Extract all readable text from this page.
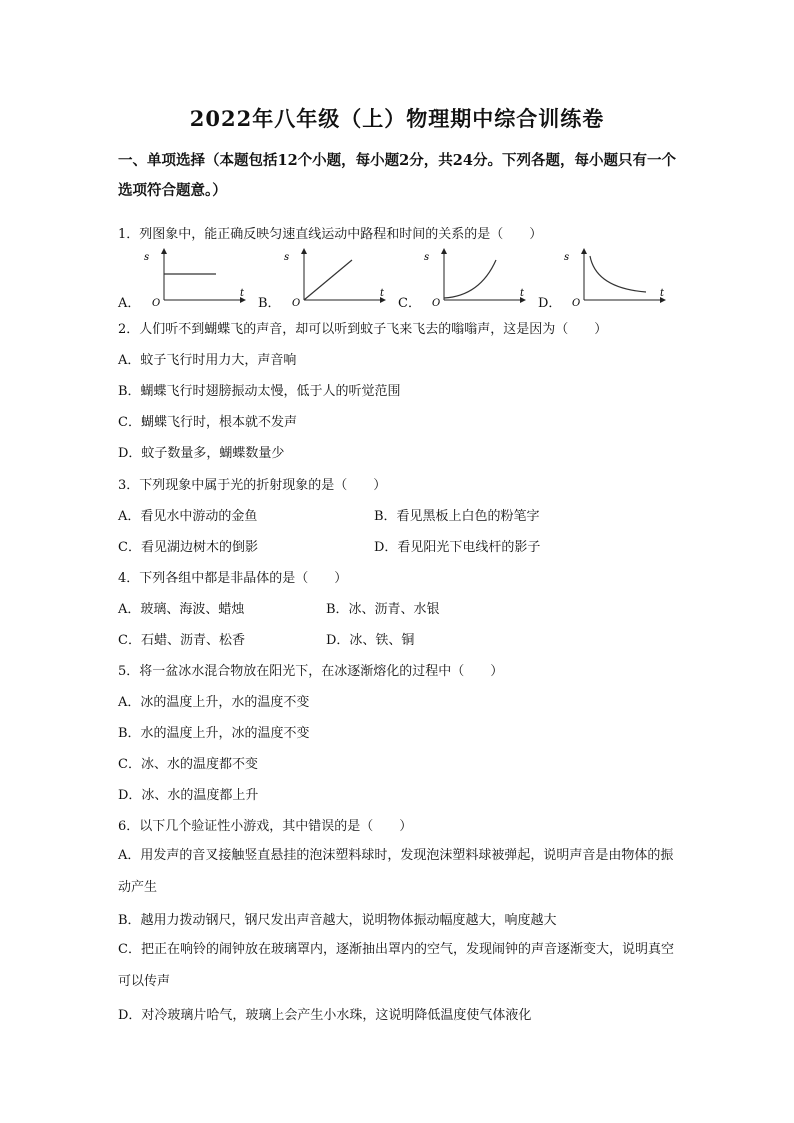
2022年八年级（上）物理期中综合训练卷
一、单项选择（本题包括12个小题，每小题2分，共24分。下列各题，每小题只有一个选项符合题意。）
1．列图象中，能正确反映匀速直线运动中路程和时间的关系的是（　　）
A．
s
O
t
B．
s
O
t
C．
s
O
t
D．
s
O
t
2．人们听不到蝴蝶飞的声音，却可以听到蚊子飞来飞去的嗡嗡声，这是因为（　　）
A．蚊子飞行时用力大，声音响
B．蝴蝶飞行时翅膀振动太慢，低于人的听觉范围
C．蝴蝶飞行时，根本就不发声
D．蚊子数量多，蝴蝶数量少
3．下列现象中属于光的折射现象的是（　　）
A．看见水中游动的金鱼	B．看见黑板上白色的粉笔字
C．看见湖边树木的倒影	D．看见阳光下电线杆的影子
4．下列各组中都是非晶体的是（　　）
A．玻璃、海波、蜡烛	B．冰、沥青、水银
C．石蜡、沥青、松香	D．冰、铁、铜
5．将一盆冰水混合物放在阳光下，在冰逐渐熔化的过程中（　　）
A．冰的温度上升，水的温度不变
B．水的温度上升，冰的温度不变
C．冰、水的温度都不变
D．冰、水的温度都上升
6．以下几个验证性小游戏，其中错误的是（　　）
A．用发声的音叉接触竖直悬挂的泡沫塑料球时，发现泡沫塑料球被弹起，说明声音是由物体的振动产生
B．越用力拨动钢尺，钢尺发出声音越大，说明物体振动幅度越大，响度越大
C．把正在响铃的闹钟放在玻璃罩内，逐渐抽出罩内的空气，发现闹钟的声音逐渐变大，说明真空可以传声
D．对冷玻璃片哈气，玻璃上会产生小水珠，这说明降低温度使气体液化
